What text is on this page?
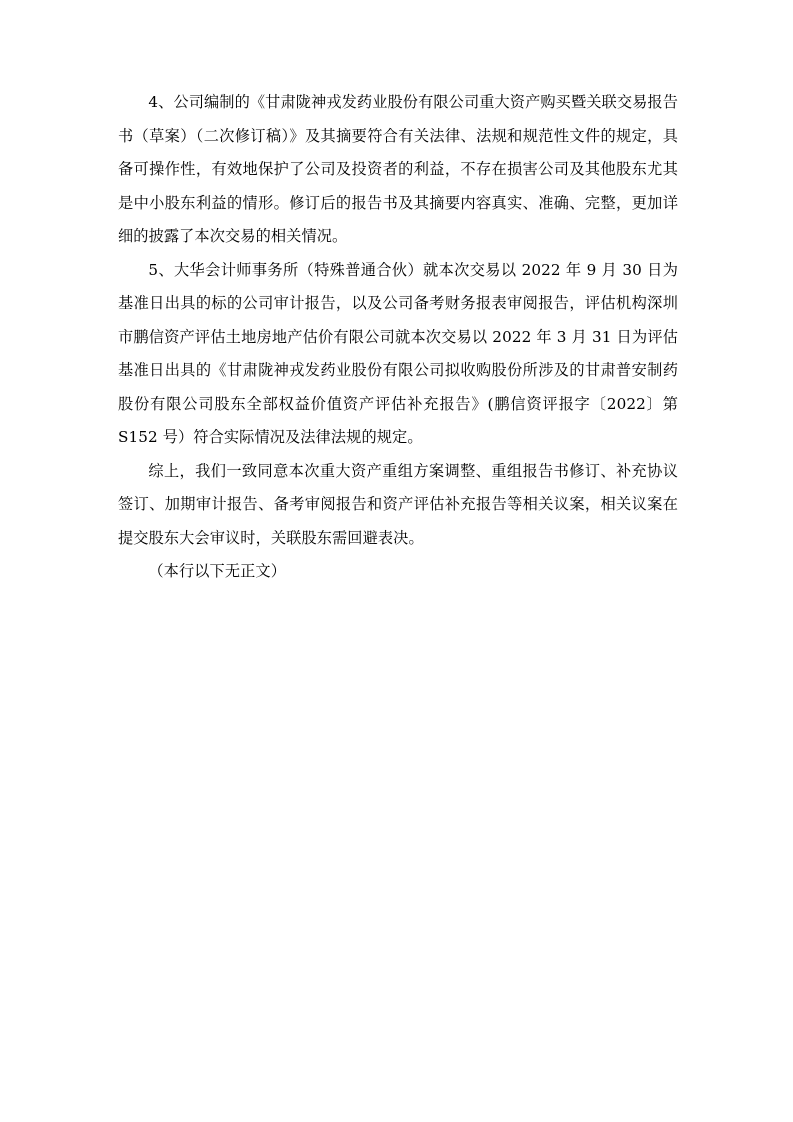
4、公司编制的《甘肃陇神戎发药业股份有限公司重大资产购买暨关联交易报告书（草案）（二次修订稿）》及其摘要符合有关法律、法规和规范性文件的规定，具备可操作性，有效地保护了公司及投资者的利益，不存在损害公司及其他股东尤其是中小股东利益的情形。修订后的报告书及其摘要内容真实、准确、完整，更加详细的披露了本次交易的相关情况。

5、大华会计师事务所（特殊普通合伙）就本次交易以 2022 年 9 月 30 日为基准日出具的标的公司审计报告，以及公司备考财务报表审阅报告，评估机构深圳市鹏信资产评估土地房地产估价有限公司就本次交易以 2022 年 3 月 31 日为评估基准日出具的《甘肃陇神戎发药业股份有限公司拟收购股份所涉及的甘肃普安制药股份有限公司股东全部权益价值资产评估补充报告》(鹏信资评报字〔2022〕第 S152 号）符合实际情况及法律法规的规定。

综上，我们一致同意本次重大资产重组方案调整、重组报告书修订、补充协议签订、加期审计报告、备考审阅报告和资产评估补充报告等相关议案，相关议案在提交股东大会审议时，关联股东需回避表决。

（本行以下无正文）
